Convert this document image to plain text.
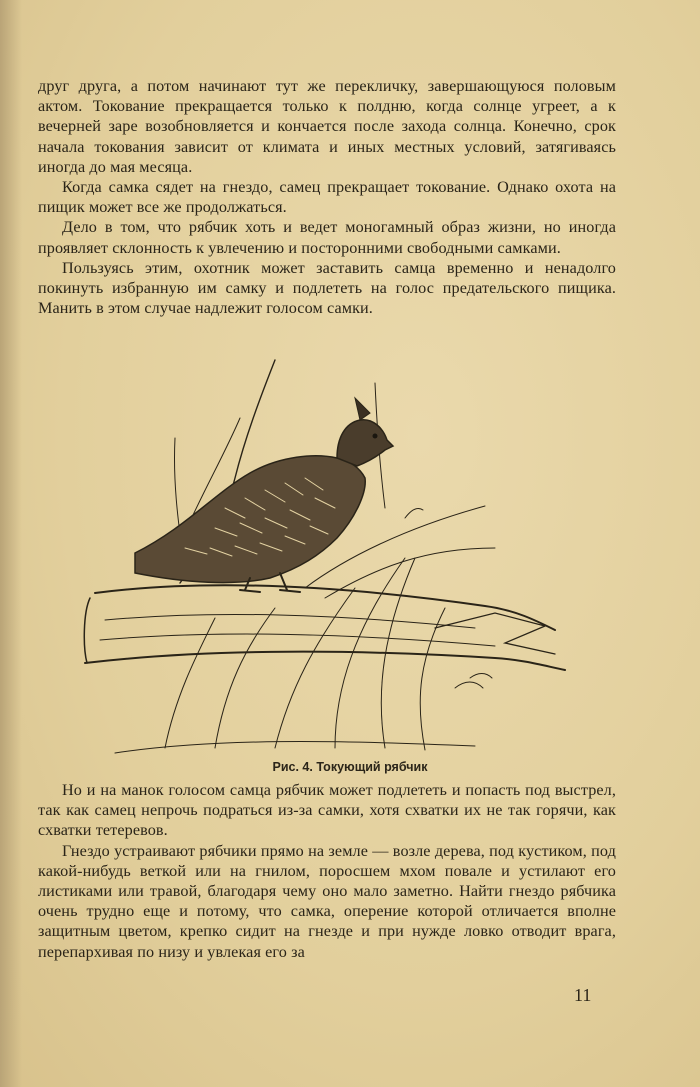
друг друга, а потом начинают тут же перекличку, завершающуюся половым актом. Токование прекращается только к полдню, когда солнце угреет, а к вечерней заре возобновляется и кончается после захода солнца. Конечно, срок начала токования зависит от климата и иных местных условий, затягиваясь иногда до мая месяца.

Когда самка сядет на гнездо, самец прекращает токование. Однако охота на пищик может все же продолжаться.

Дело в том, что рябчик хоть и ведет моногамный образ жизни, но иногда проявляет склонность к увлечению и посторонними свободными самками.

Пользуясь этим, охотник может заставить самца временно и ненадолго покинуть избранную им самку и подлететь на голос предательского пищика. Манить в этом случае надлежит голосом самки.

Рис. 4. Токующий рябчик

Но и на манок голосом самца рябчик может подлететь и попасть под выстрел, так как самец непрочь подраться из-за самки, хотя схватки их не так горячи, как схватки тетеревов.

Гнездо устраивают рябчики прямо на земле — возле дерева, под кустиком, под какой-нибудь веткой или на гнилом, поросшем мхом повале и устилают его листиками или травой, благодаря чему оно мало заметно. Найти гнездо рябчика очень трудно еще и потому, что самка, оперение которой отличается вполне защитным цветом, крепко сидит на гнезде и при нужде ловко отводит врага, перепархивая по низу и увлекая его за

11
